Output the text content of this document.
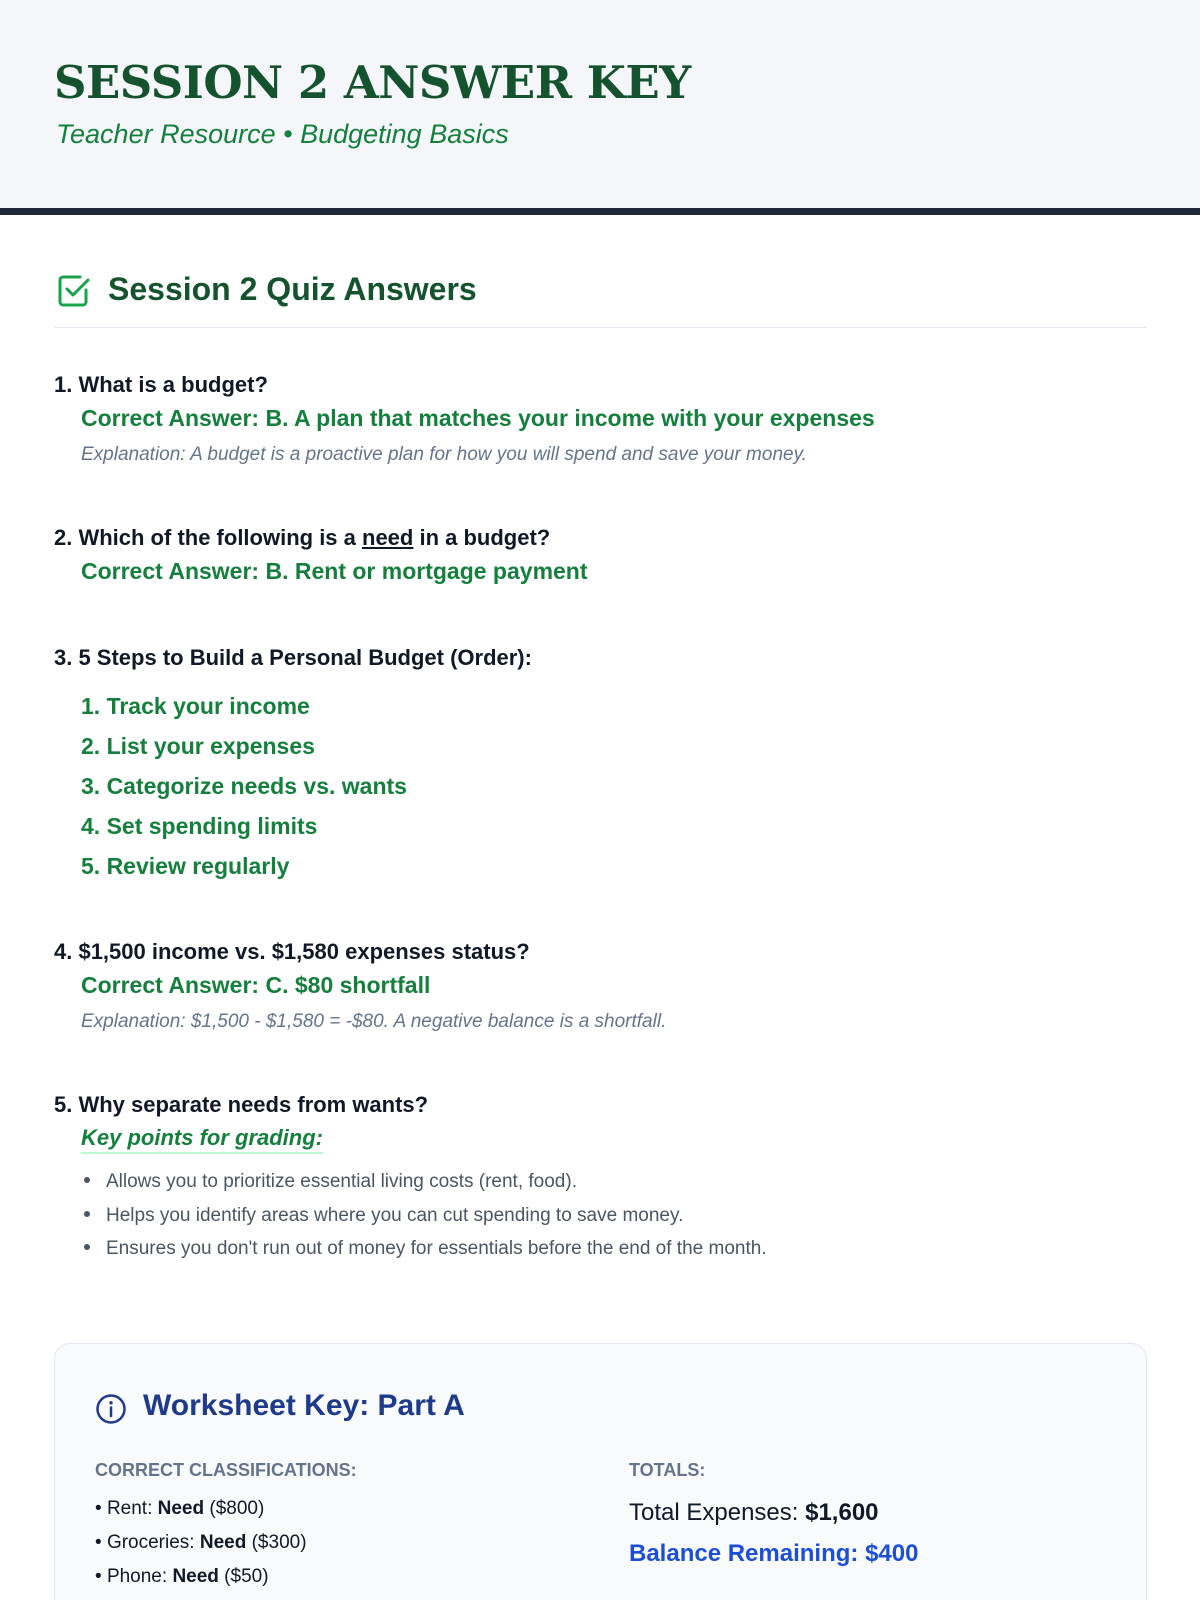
SESSION 2 ANSWER KEY
Teacher Resource • Budgeting Basics
Session 2 Quiz Answers
1. What is a budget?
Correct Answer: B. A plan that matches your income with your expenses
Explanation: A budget is a proactive plan for how you will spend and save your money.
2. Which of the following is a need in a budget?
Correct Answer: B. Rent or mortgage payment
3. 5 Steps to Build a Personal Budget (Order):
1. Track your income
2. List your expenses
3. Categorize needs vs. wants
4. Set spending limits
5. Review regularly
4. $1,500 income vs. $1,580 expenses status?
Correct Answer: C. $80 shortfall
Explanation: $1,500 - $1,580 = -$80. A negative balance is a shortfall.
5. Why separate needs from wants?
Key points for grading:
Allows you to prioritize essential living costs (rent, food).
Helps you identify areas where you can cut spending to save money.
Ensures you don't run out of money for essentials before the end of the month.
Worksheet Key: Part A
CORRECT CLASSIFICATIONS:
• Rent: Need ($800)
• Groceries: Need ($300)
• Phone: Need ($50)
TOTALS:
Total Expenses: $1,600
Balance Remaining: $400
